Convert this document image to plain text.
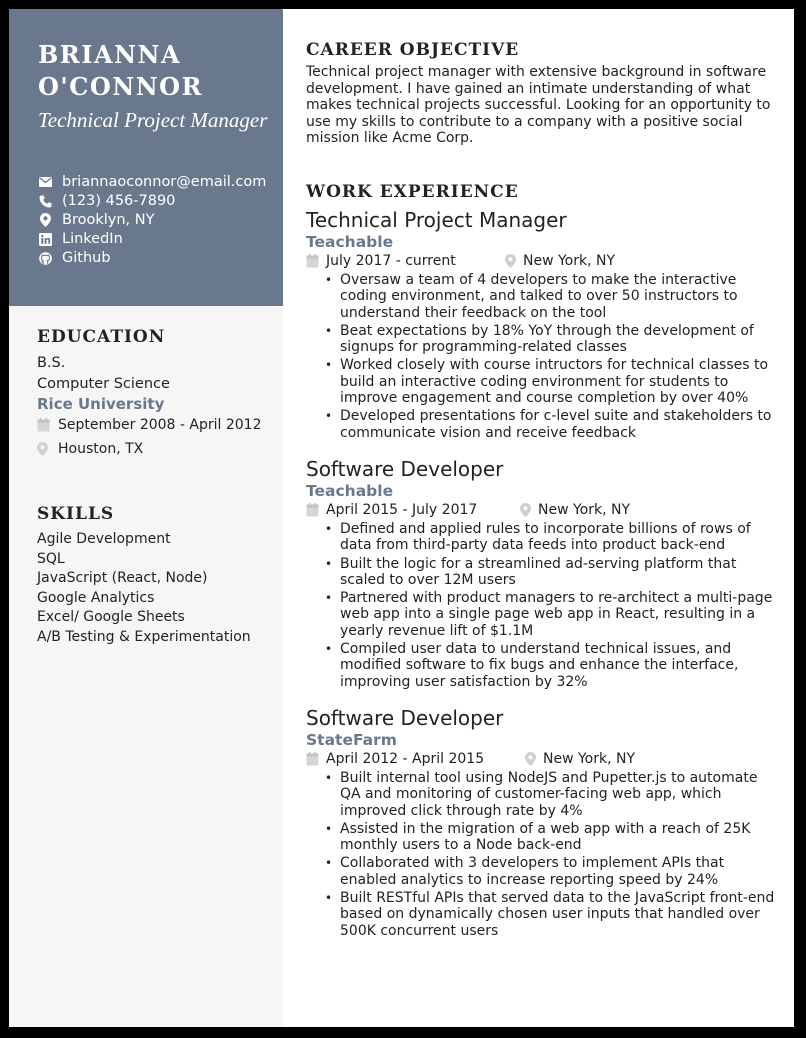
BRIANNA
O'CONNOR
Technical Project Manager
briannaoconnor@email.com
(123) 456-7890
Brooklyn, NY
LinkedIn
Github
EDUCATION
B.S.
Computer Science
Rice University
September 2008 - April 2012
Houston, TX
SKILLS
Agile Development
SQL
JavaScript (React, Node)
Google Analytics
Excel/ Google Sheets
A/B Testing & Experimentation
CAREER OBJECTIVE
Technical project manager with extensive background in software development. I have gained an intimate understanding of what makes technical projects successful. Looking for an opportunity to use my skills to contribute to a company with a positive social mission like Acme Corp.
WORK EXPERIENCE
Technical Project Manager
Teachable
July 2017 - current	New York, NY
• Oversaw a team of 4 developers to make the interactive coding environment, and talked to over 50 instructors to understand their feedback on the tool
• Beat expectations by 18% YoY through the development of signups for programming-related classes
• Worked closely with course intructors for technical classes to build an interactive coding environment for students to improve engagement and course completion by over 40%
• Developed presentations for c-level suite and stakeholders to communicate vision and receive feedback
Software Developer
Teachable
April 2015 - July 2017	New York, NY
• Defined and applied rules to incorporate billions of rows of data from third-party data feeds into product back-end
• Built the logic for a streamlined ad-serving platform that scaled to over 12M users
• Partnered with product managers to re-architect a multi-page web app into a single page web app in React, resulting in a yearly revenue lift of $1.1M
• Compiled user data to understand technical issues, and modified software to fix bugs and enhance the interface, improving user satisfaction by 32%
Software Developer
StateFarm
April 2012 - April 2015	New York, NY
• Built internal tool using NodeJS and Pupetter.js to automate QA and monitoring of customer-facing web app, which improved click through rate by 4%
• Assisted in the migration of a web app with a reach of 25K monthly users to a Node back-end
• Collaborated with 3 developers to implement APIs that enabled analytics to increase reporting speed by 24%
• Built RESTful APIs that served data to the JavaScript front-end based on dynamically chosen user inputs that handled over 500K concurrent users
